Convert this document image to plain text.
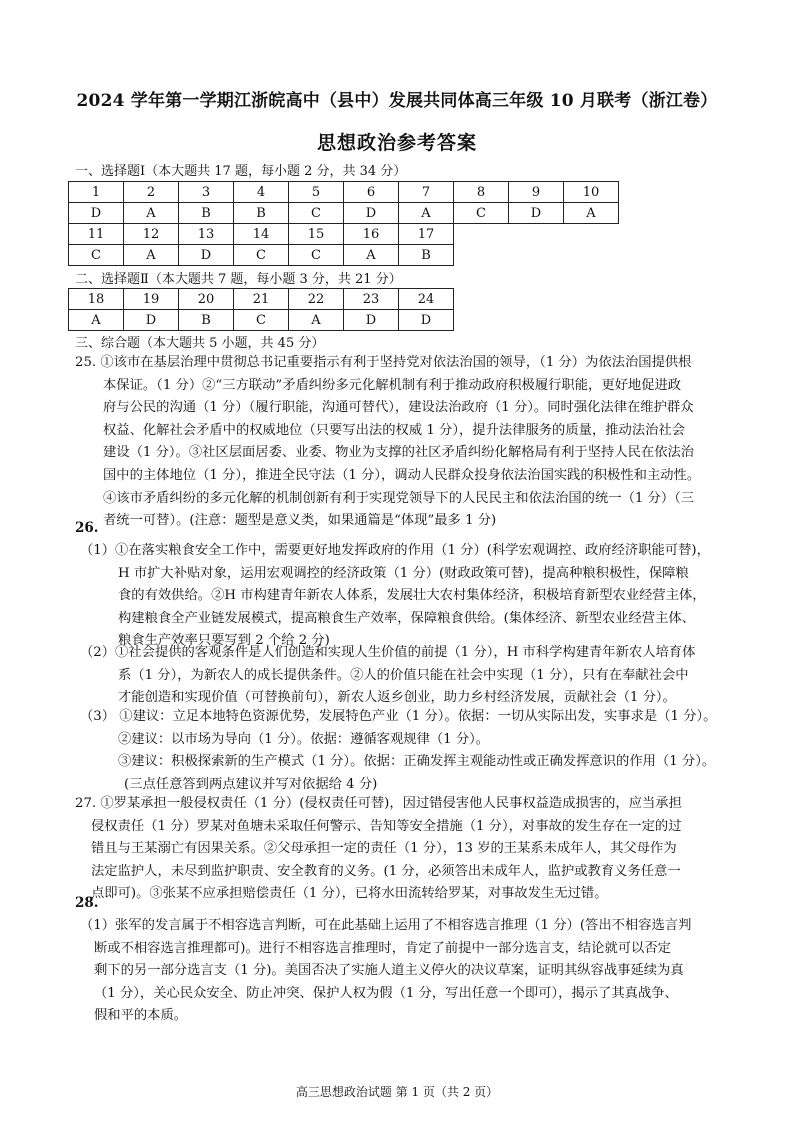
2024 学年第一学期江浙皖高中（县中）发展共同体高三年级 10 月联考（浙江卷）
思想政治参考答案
一、选择题Ⅰ（本大题共 17 题，每小题 2 分，共 34 分）
1	2	3	4	5	6	7	8	9	10
D	A	B	B	C	D	A	C	D	A
11	12	13	14	15	16	17
C	A	D	C	C	A	B
二、选择题Ⅱ（本大题共 7 题，每小题 3 分，共 21 分）
18	19	20	21	22	23	24
A	D	B	C	A	D	D
三、综合题（本大题共 5 小题，共 45 分）
25. ①该市在基层治理中贯彻总书记重要指示有利于坚持党对依法治国的领导，（1 分）为依法治国提供根
本保证。（1 分）②“三方联动”矛盾纠纷多元化解机制有利于推动政府积极履行职能，更好地促进政
府与公民的沟通（1 分）（履行职能，沟通可替代），建设法治政府（1 分）。同时强化法律在维护群众
权益、化解社会矛盾中的权威地位（只要写出法的权威 1 分），提升法律服务的质量，推动法治社会
建设（1 分）。③社区层面居委、业委、物业为支撑的社区矛盾纠纷化解格局有利于坚持人民在依法治
国中的主体地位（1 分），推进全民守法（1 分），调动人民群众投身依法治国实践的积极性和主动性。
④该市矛盾纠纷的多元化解的机制创新有利于实现党领导下的人民民主和依法治国的统一（1 分）（三
者统一可替）。(注意：题型是意义类，如果通篇是“体现”最多 1 分)
26.
（1）①在落实粮食安全工作中，需要更好地发挥政府的作用（1 分）(科学宏观调控、政府经济职能可替)，
H 市扩大补贴对象，运用宏观调控的经济政策（1 分）(财政政策可替)，提高种粮积极性，保障粮
食的有效供给。②H 市构建青年新农人体系，发展壮大农村集体经济，积极培育新型农业经营主体，
构建粮食全产业链发展模式，提高粮食生产效率，保障粮食供给。(集体经济、新型农业经营主体、
粮食生产效率只要写到 2 个给 2 分)
（2）①社会提供的客观条件是人们创造和实现人生价值的前提（1 分），H 市科学构建青年新农人培育体
系（1 分），为新农人的成长提供条件。②人的价值只能在社会中实现（1 分），只有在奉献社会中
才能创造和实现价值（可替换前句），新农人返乡创业，助力乡村经济发展，贡献社会（1 分）。
（3） ①建议：立足本地特色资源优势，发展特色产业（1 分）。依据：一切从实际出发，实事求是（1 分）。
②建议：以市场为导向（1 分）。依据：遵循客观规律（1 分）。
③建议：积极探索新的生产模式（1 分）。依据：正确发挥主观能动性或正确发挥意识的作用（1 分）。
(三点任意答到两点建议并写对依据给 4 分)
27. ①罗某承担一般侵权责任（1 分）(侵权责任可替)，因过错侵害他人民事权益造成损害的，应当承担
侵权责任（1 分）罗某对鱼塘未采取任何警示、告知等安全措施（1 分），对事故的发生存在一定的过
错且与王某溺亡有因果关系。②父母承担一定的责任（1 分），13 岁的王某系未成年人，其父母作为
法定监护人，未尽到监护职责、安全教育的义务。(1 分，必须答出未成年人，监护或教育义务任意一
点即可)。③张某不应承担赔偿责任（1 分），已将水田流转给罗某，对事故发生无过错。
28.
（1）张军的发言属于不相容选言判断，可在此基础上运用了不相容选言推理（1 分）(答出不相容选言判
断或不相容选言推理都可)。进行不相容选言推理时，肯定了前提中一部分选言支，结论就可以否定
剩下的另一部分选言支（1 分)。美国否决了实施人道主义停火的决议草案，证明其纵容战事延续为真
（1 分），关心民众安全、防止冲突、保护人权为假（1 分，写出任意一个即可），揭示了其真战争、
假和平的本质。
高三思想政治试题 第 1 页（共 2 页）
